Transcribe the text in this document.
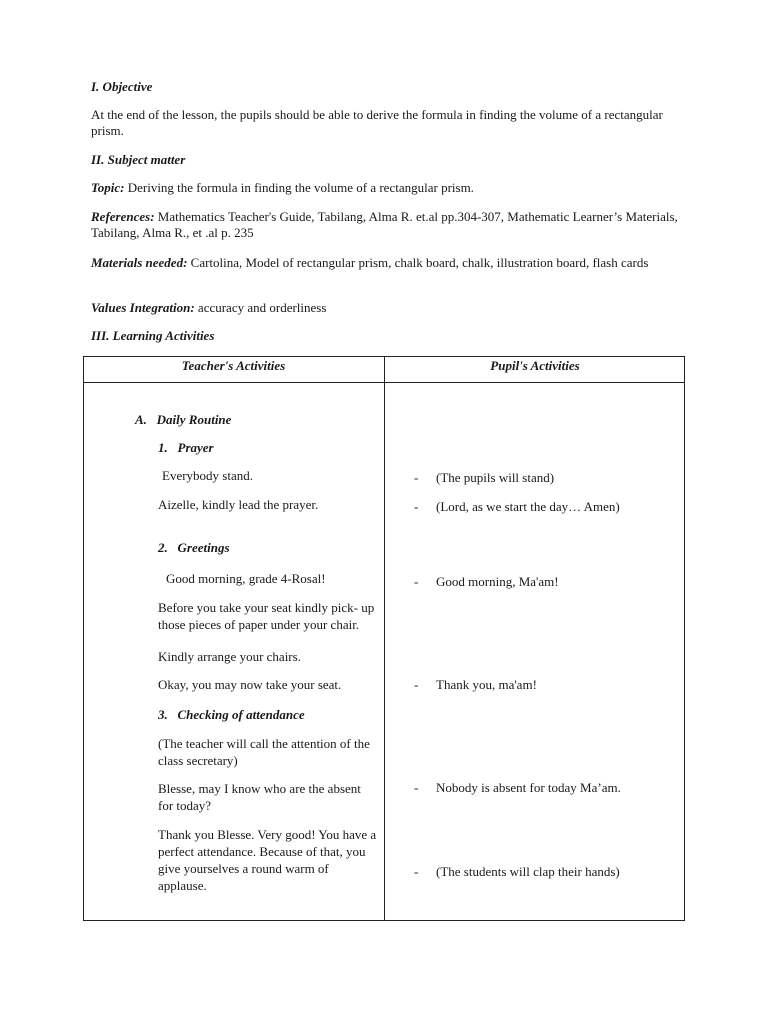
I. Objective
At the end of the lesson, the pupils should be able to derive the formula in finding the volume of a rectangular prism.
II. Subject matter
Topic: Deriving the formula in finding the volume of a rectangular prism.
References: Mathematics Teacher's Guide, Tabilang, Alma R. et.al pp.304-307, Mathematic Learner’s Materials, Tabilang, Alma R., et .al p. 235
Materials needed: Cartolina, Model of rectangular prism, chalk board, chalk, illustration board, flash cards
Values Integration: accuracy and orderliness
III. Learning Activities
Teacher's Activities	Pupil's Activities
A.   Daily Routine
1.   Prayer
Everybody stand.
Aizelle, kindly lead the prayer.
2.   Greetings
Good morning, grade 4-Rosal!
Before you take your seat kindly pick- up those pieces of paper under your chair.
Kindly arrange your chairs.
Okay, you may now take your seat.
3.   Checking of attendance
(The teacher will call the attention of the class secretary)
Blesse, may I know who are the absent for today?
Thank you Blesse. Very good! You have a perfect attendance. Because of that, you give yourselves a round warm of applause.
- (The pupils will stand)
- (Lord, as we start the day… Amen)
- Good morning, Ma'am!
- Thank you, ma'am!
- Nobody is absent for today Ma’am.
- (The students will clap their hands)
